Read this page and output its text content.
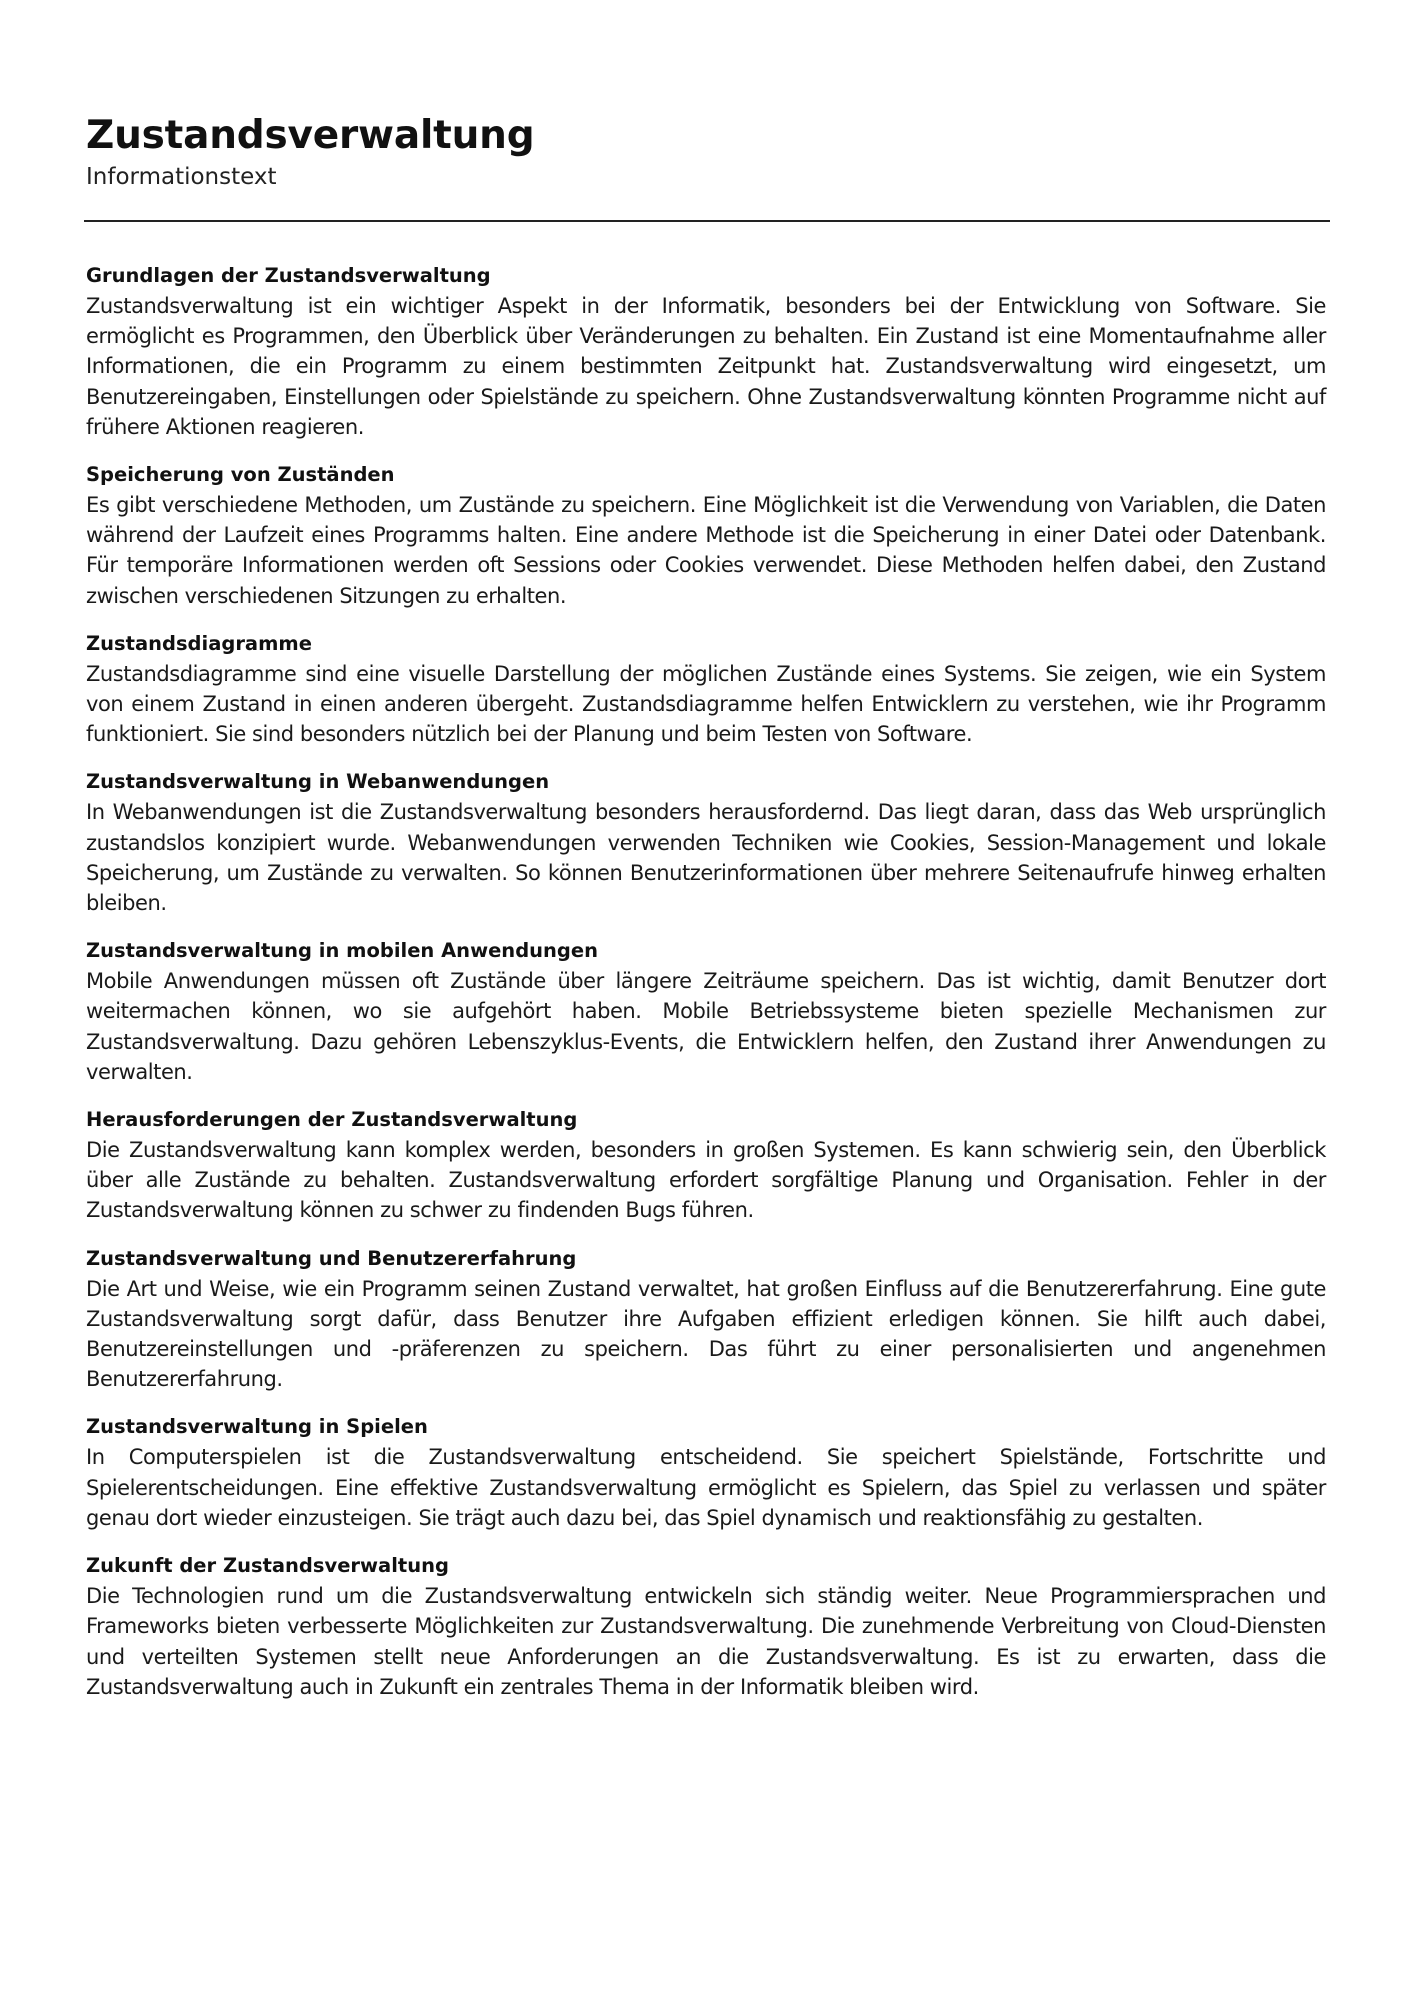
Zustandsverwaltung
Informationstext
Grundlagen der Zustandsverwaltung

Zustandsverwaltung ist ein wichtiger Aspekt in der Informatik, besonders bei der Entwicklung von Software. Sie ermöglicht es Programmen, den Überblick über Veränderungen zu behalten. Ein Zustand ist eine Momentaufnahme aller Informationen, die ein Programm zu einem bestimmten Zeitpunkt hat. Zustandsverwaltung wird eingesetzt, um Benutzereingaben, Einstellungen oder Spielstände zu speichern. Ohne Zustandsverwaltung könnten Programme nicht auf frühere Aktionen reagieren.

Speicherung von Zuständen

Es gibt verschiedene Methoden, um Zustände zu speichern. Eine Möglichkeit ist die Verwendung von Variablen, die Daten während der Laufzeit eines Programms halten. Eine andere Methode ist die Speicherung in einer Datei oder Datenbank. Für temporäre Informationen werden oft Sessions oder Cookies verwendet. Diese Methoden helfen dabei, den Zustand zwischen verschiedenen Sitzungen zu erhalten.

Zustandsdiagramme

Zustandsdiagramme sind eine visuelle Darstellung der möglichen Zustände eines Systems. Sie zeigen, wie ein System von einem Zustand in einen anderen übergeht. Zustandsdiagramme helfen Entwicklern zu verstehen, wie ihr Programm funktioniert. Sie sind besonders nützlich bei der Planung und beim Testen von Software.

Zustandsverwaltung in Webanwendungen

In Webanwendungen ist die Zustandsverwaltung besonders herausfordernd. Das liegt daran, dass das Web ursprünglich zustandslos konzipiert wurde. Webanwendungen verwenden Techniken wie Cookies, Session-Management und lokale Speicherung, um Zustände zu verwalten. So können Benutzerinformationen über mehrere Seitenaufrufe hinweg erhalten bleiben.

Zustandsverwaltung in mobilen Anwendungen

Mobile Anwendungen müssen oft Zustände über längere Zeiträume speichern. Das ist wichtig, damit Benutzer dort weitermachen können, wo sie aufgehört haben. Mobile Betriebssysteme bieten spezielle Mechanismen zur Zustandsverwaltung. Dazu gehören Lebenszyklus-Events, die Entwicklern helfen, den Zustand ihrer Anwendungen zu verwalten.

Herausforderungen der Zustandsverwaltung

Die Zustandsverwaltung kann komplex werden, besonders in großen Systemen. Es kann schwierig sein, den Überblick über alle Zustände zu behalten. Zustandsverwaltung erfordert sorgfältige Planung und Organisation. Fehler in der Zustandsverwaltung können zu schwer zu findenden Bugs führen.

Zustandsverwaltung und Benutzererfahrung

Die Art und Weise, wie ein Programm seinen Zustand verwaltet, hat großen Einfluss auf die Benutzererfahrung. Eine gute Zustandsverwaltung sorgt dafür, dass Benutzer ihre Aufgaben effizient erledigen können. Sie hilft auch dabei, Benutzereinstellungen und -präferenzen zu speichern. Das führt zu einer personalisierten und angenehmen Benutzererfahrung.

Zustandsverwaltung in Spielen

In Computerspielen ist die Zustandsverwaltung entscheidend. Sie speichert Spielstände, Fortschritte und Spielerentscheidungen. Eine effektive Zustandsverwaltung ermöglicht es Spielern, das Spiel zu verlassen und später genau dort wieder einzusteigen. Sie trägt auch dazu bei, das Spiel dynamisch und reaktionsfähig zu gestalten.

Zukunft der Zustandsverwaltung

Die Technologien rund um die Zustandsverwaltung entwickeln sich ständig weiter. Neue Programmiersprachen und Frameworks bieten verbesserte Möglichkeiten zur Zustandsverwaltung. Die zunehmende Verbreitung von Cloud-Diensten und verteilten Systemen stellt neue Anforderungen an die Zustandsverwaltung. Es ist zu erwarten, dass die Zustandsverwaltung auch in Zukunft ein zentrales Thema in der Informatik bleiben wird.
